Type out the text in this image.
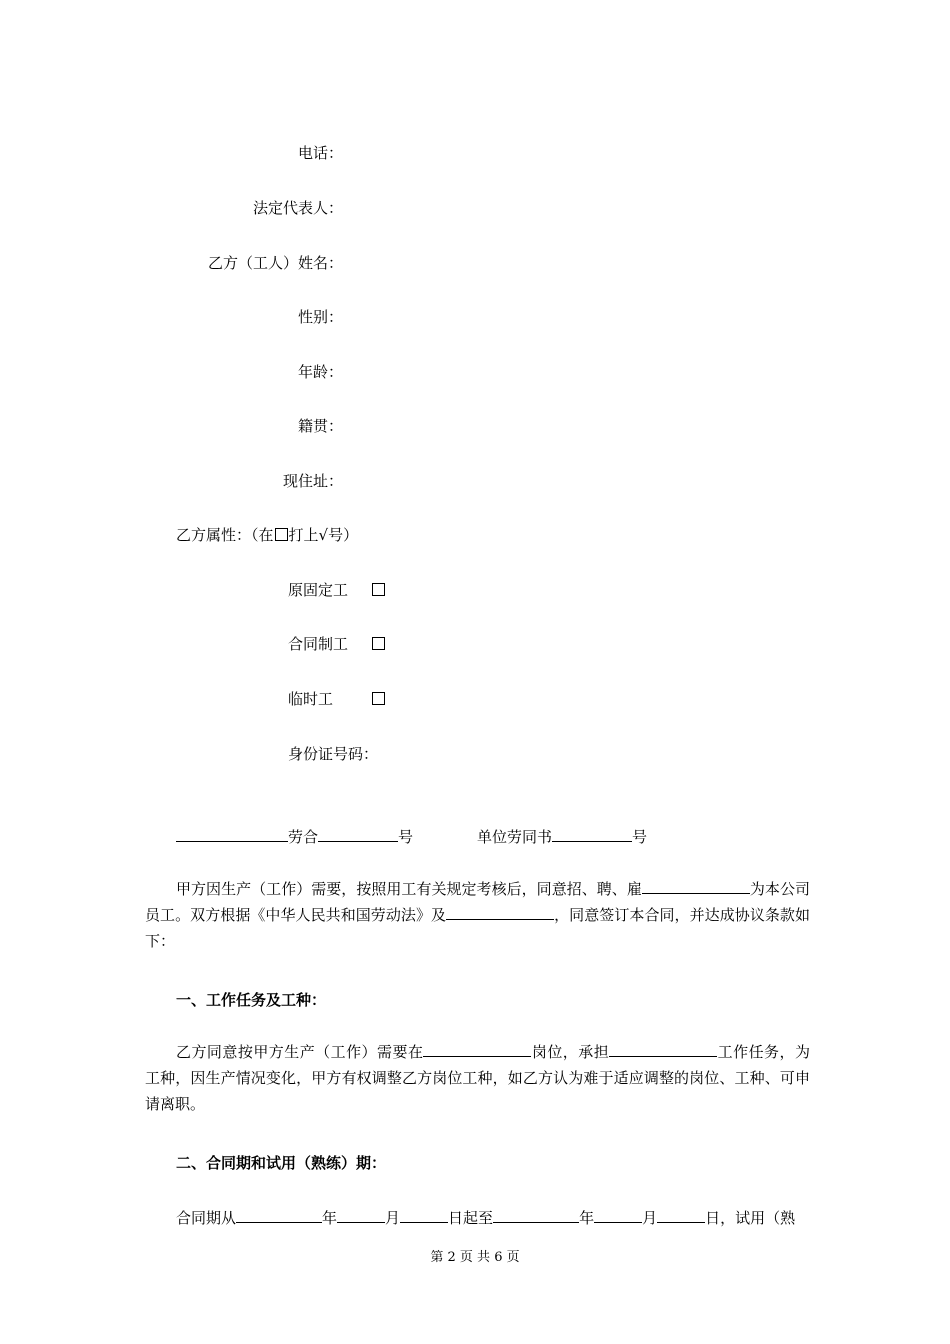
电话：
法定代表人：
乙方（工人）姓名：
性别：
年龄：
籍贯：
现住址：
乙方属性：（在 打上√号）
原固定工
合同制工
临时工
身份证号码：
劳合	号	单位劳同书	号
甲方因生产（工作）需要，按照用工有关规定考核后，同意招、聘、雇	为本公司员工。双方根据《中华人民共和国劳动法》及	，同意签订本合同，并达成协议条款如下：
一、工作任务及工种：
乙方同意按甲方生产（工作）需要在	岗位，承担	工作任务，为工种，因生产情况变化，甲方有权调整乙方岗位工种，如乙方认为难于适应调整的岗位、工种、可申请离职。
二、合同期和试用（熟练）期：
合同期从	年	月	日起至	年	月	日，试用（熟
第 2 页 共 6 页
